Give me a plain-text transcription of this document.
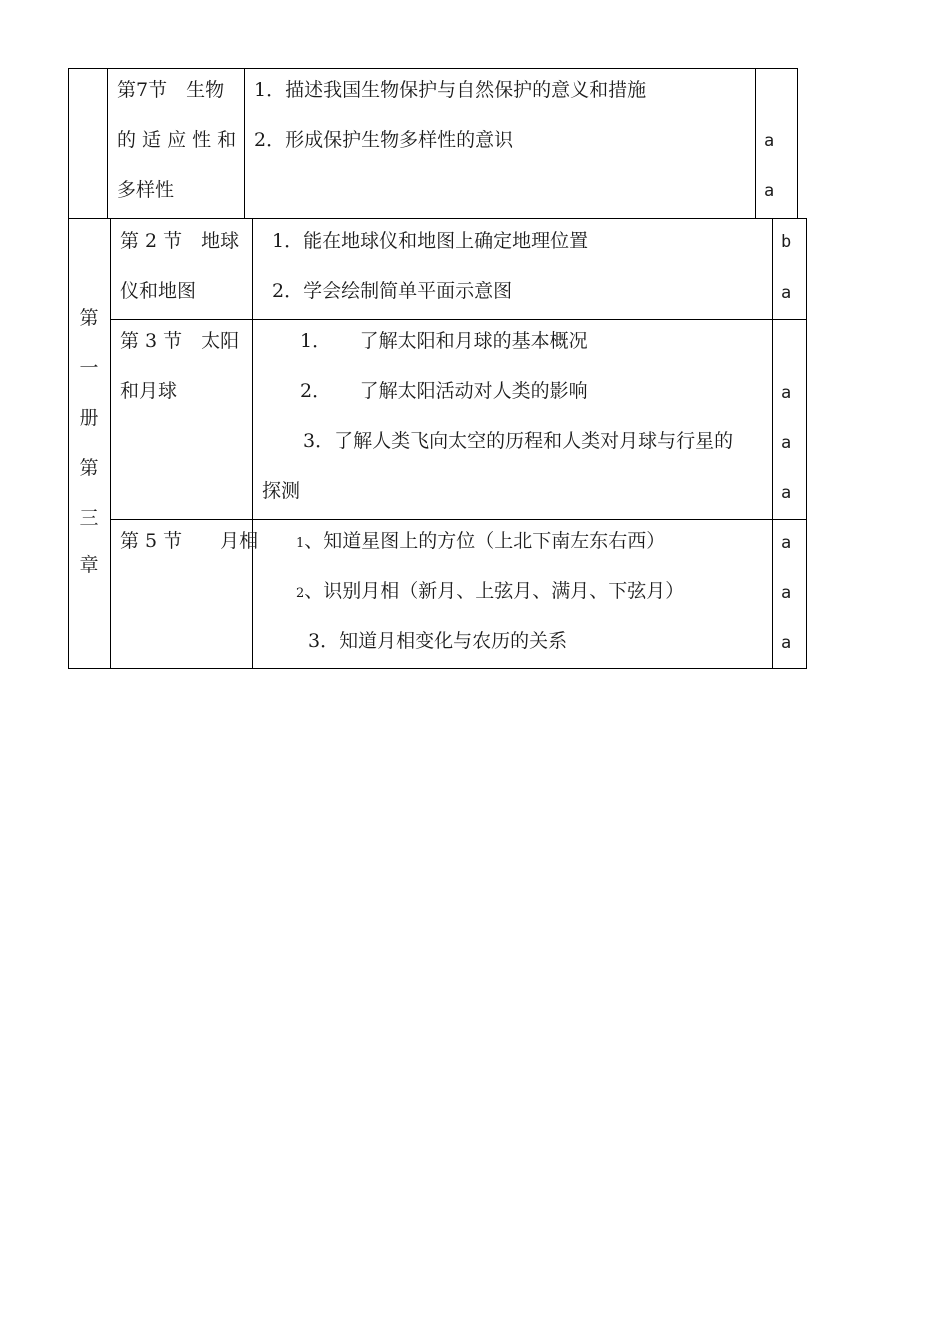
第7节　生物
的 适 应 性 和
多样性
1．描述我国生物保护与自然保护的意义和措施
2．形成保护生物多样性的意识	a
a
第
一
册
第
三
章
第 2 节　地球
仪和地图
1．能在地球仪和地图上确定地理位置
2．学会绘制简单平面示意图
b
a
第 3 节　太阳
和月球
1．　　了解太阳和月球的基本概况
2．　　了解太阳活动对人类的影响
3．了解人类飞向太空的历程和人类对月球与行星的
探测
a
a
a
第 5 节　　月相	1、知道星图上的方位（上北下南左东右西）
2、识别月相（新月、上弦月、满月、下弦月）
3．知道月相变化与农历的关系
a
a
a
